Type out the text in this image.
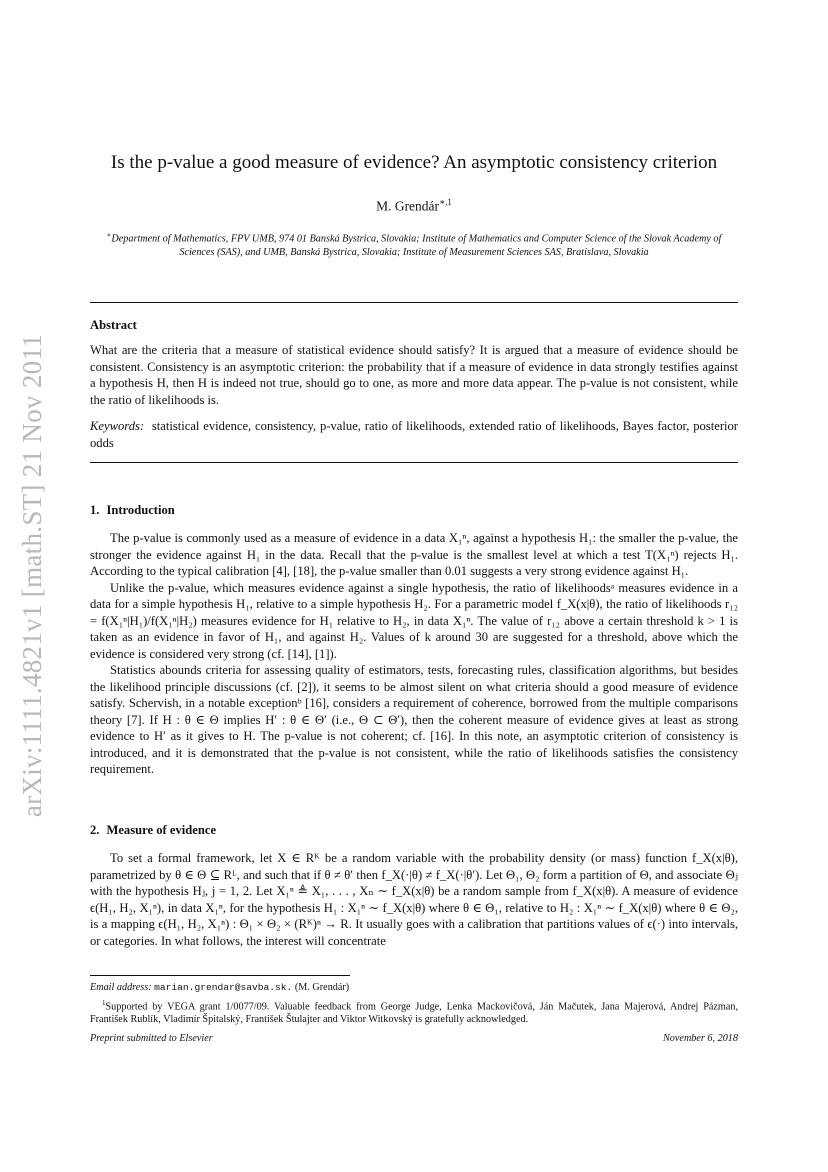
arXiv:1111.4821v1 [math.ST] 21 Nov 2011
Is the p-value a good measure of evidence? An asymptotic consistency criterion
M. Grendár$^{∗,1}$
∗Department of Mathematics, FPV UMB, 974 01 Banská Bystrica, Slovakia; Institute of Mathematics and Computer Science of the Slovak Academy of Sciences (SAS), and UMB, Banská Bystrica, Slovakia; Institute of Measurement Sciences SAS, Bratislava, Slovakia
Abstract
What are the criteria that a measure of statistical evidence should satisfy? It is argued that a measure of evidence should be consistent. Consistency is an asymptotic criterion: the probability that if a measure of evidence in data strongly testifies against a hypothesis H, then H is indeed not true, should go to one, as more and more data appear. The p-value is not consistent, while the ratio of likelihoods is.
Keywords: statistical evidence, consistency, p-value, ratio of likelihoods, extended ratio of likelihoods, Bayes factor, posterior odds
1. Introduction

The p-value is commonly used as a measure of evidence in a data X₁ⁿ, against a hypothesis H₁: the smaller the p-value, the stronger the evidence against H₁ in the data. Recall that the p-value is the smallest level at which a test T(X₁ⁿ) rejects H₁. According to the typical calibration [4], [18], the p-value smaller than 0.01 suggests a very strong evidence against H₁.

Unlike the p-value, which measures evidence against a single hypothesis, the ratio of likelihoodsᵃ measures evidence in a data for a simple hypothesis H₁, relative to a simple hypothesis H₂. For a parametric model f_X(x|θ), the ratio of likelihoods r₁₂ = f(X₁ⁿ|H₁)/f(X₁ⁿ|H₂) measures evidence for H₁ relative to H₂, in data X₁ⁿ. The value of r₁₂ above a certain threshold k > 1 is taken as an evidence in favor of H₁, and against H₂. Values of k around 30 are suggested for a threshold, above which the evidence is considered very strong (cf. [14], [1]).

Statistics abounds criteria for assessing quality of estimators, tests, forecasting rules, classification algorithms, but besides the likelihood principle discussions (cf. [2]), it seems to be almost silent on what criteria should a good measure of evidence satisfy. Schervish, in a notable exceptionᵇ [16], considers a requirement of coherence, borrowed from the multiple comparisons theory [7]. If H : θ ∈ Θ implies H′ : θ ∈ Θ′ (i.e., Θ ⊂ Θ′), then the coherent measure of evidence gives at least as strong evidence to H′ as it gives to H. The p-value is not coherent; cf. [16]. In this note, an asymptotic criterion of consistency is introduced, and it is demonstrated that the p-value is not consistent, while the ratio of likelihoods satisfies the consistency requirement.

2. Measure of evidence

To set a formal framework, let X ∈ Rᴷ be a random variable with the probability density (or mass) function f_X(x|θ), parametrized by θ ∈ Θ ⊆ Rᴸ, and such that if θ ≠ θ′ then f_X(·|θ) ≠ f_X(·|θ′). Let Θ₁, Θ₂ form a partition of Θ, and associate Θⱼ with the hypothesis Hⱼ, j = 1, 2. Let X₁ⁿ ≜ X₁, . . . , Xₙ ∼ f_X(x|θ) be a random sample from f_X(x|θ). A measure of evidence ϵ(H₁, H₂, X₁ⁿ), in data X₁ⁿ, for the hypothesis H₁ : X₁ⁿ ∼ f_X(x|θ) where θ ∈ Θ₁, relative to H₂ : X₁ⁿ ∼ f_X(x|θ) where θ ∈ Θ₂, is a mapping ϵ(H₁, H₂, X₁ⁿ) : Θ₁ × Θ₂ × (Rᴷ)ⁿ → R. It usually goes with a calibration that partitions values of ϵ(·) into intervals, or categories. In what follows, the interest will concentrate

Email address: marian.grendar@savba.sk. (M. Grendár)

$^1$Supported by VEGA grant 1/0077/09. Valuable feedback from George Judge, Lenka Mackovičová, Ján Mačutek, Jana Majerová, Andrej Pázman, František Rublík, Vladimír Špitalský, František Štulajter and Viktor Witkovský is gratefully acknowledged.

Preprint submitted to Elsevier	November 6, 2018
